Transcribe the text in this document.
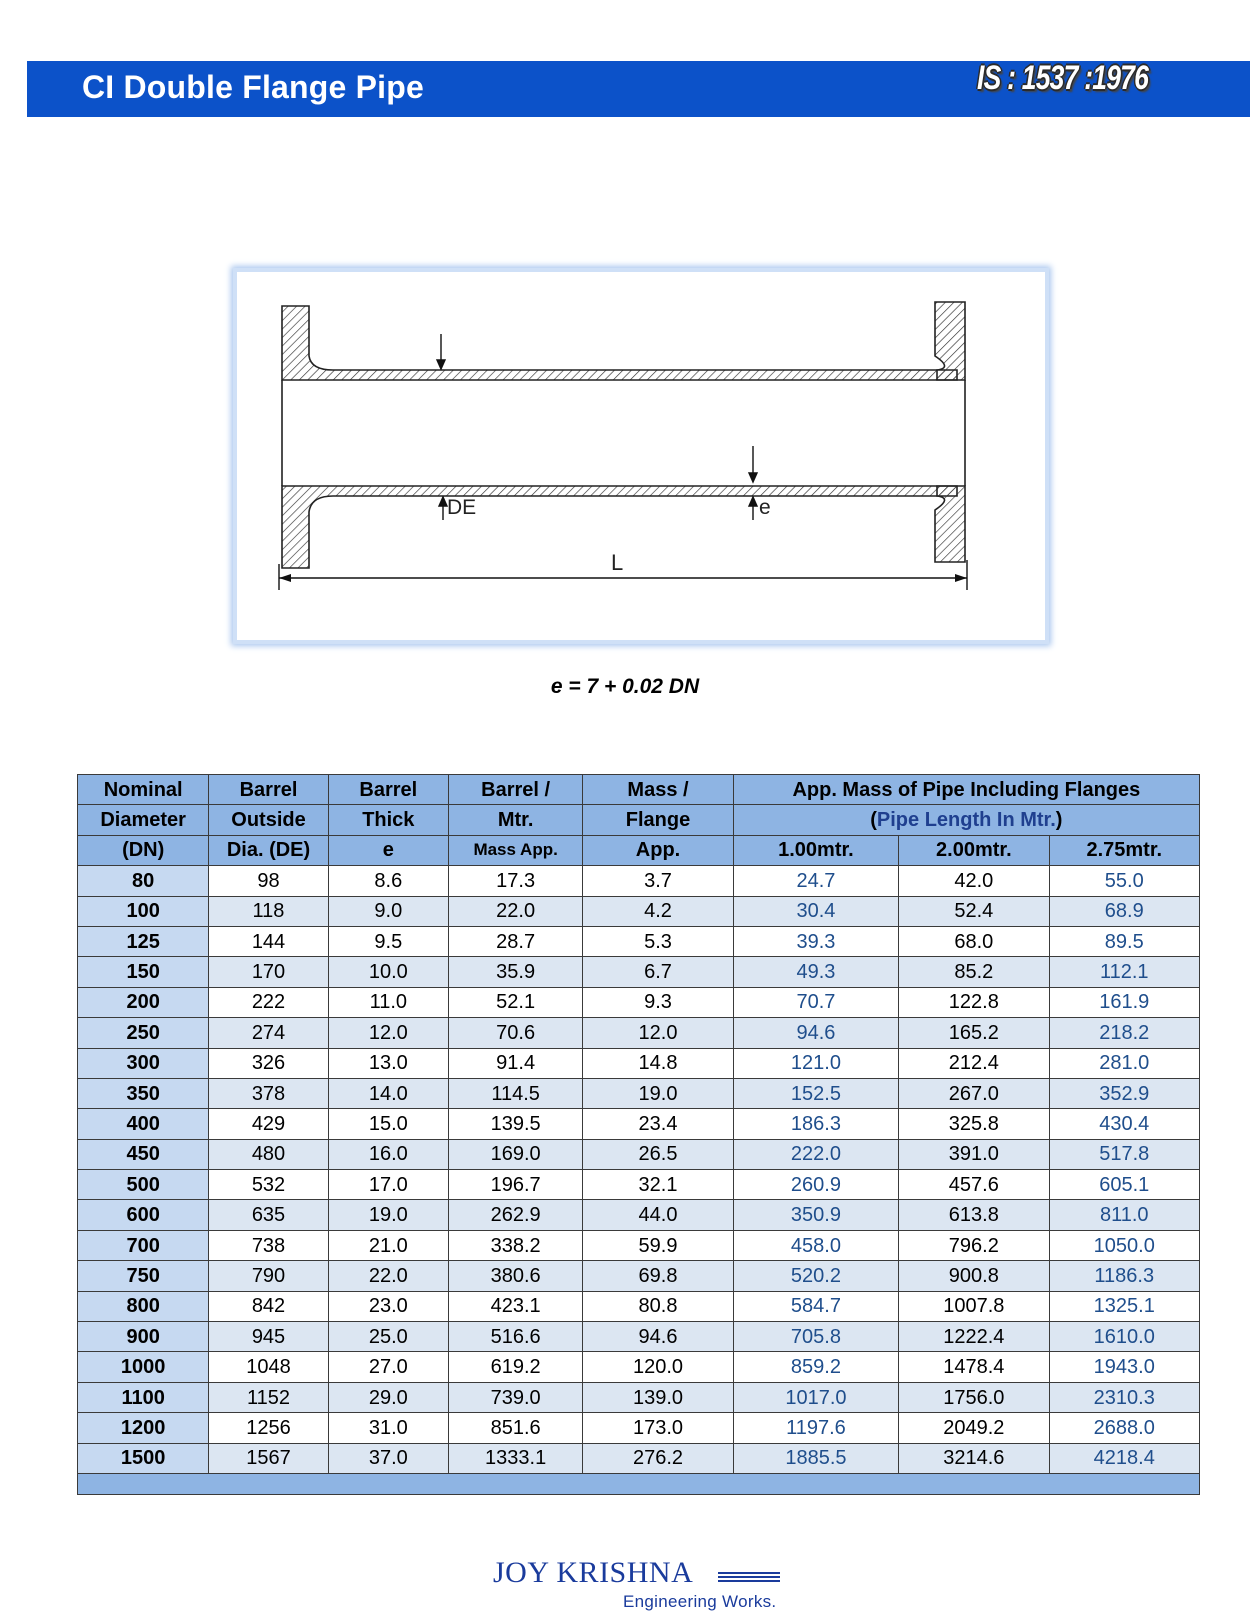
CI Double Flange Pipe	IS : 1537 :1976
DE	e
L
e = 7 + 0.02 DN
Nominal	Barrel	Barrel	Barrel /	Mass /	App. Mass of Pipe Including Flanges		
Diameter	Outside	Thick	Mtr.	Flange	(Pipe Length In Mtr.)		
(DN)	Dia. (DE)	e	Mass App.	App.	1.00mtr.	2.00mtr.	2.75mtr.
80	98	8.6	17.3	3.7	24.7	42.0	55.0
100	118	9.0	22.0	4.2	30.4	52.4	68.9
125	144	9.5	28.7	5.3	39.3	68.0	89.5
150	170	10.0	35.9	6.7	49.3	85.2	112.1
200	222	11.0	52.1	9.3	70.7	122.8	161.9
250	274	12.0	70.6	12.0	94.6	165.2	218.2
300	326	13.0	91.4	14.8	121.0	212.4	281.0
350	378	14.0	114.5	19.0	152.5	267.0	352.9
400	429	15.0	139.5	23.4	186.3	325.8	430.4
450	480	16.0	169.0	26.5	222.0	391.0	517.8
500	532	17.0	196.7	32.1	260.9	457.6	605.1
600	635	19.0	262.9	44.0	350.9	613.8	811.0
700	738	21.0	338.2	59.9	458.0	796.2	1050.0
750	790	22.0	380.6	69.8	520.2	900.8	1186.3
800	842	23.0	423.1	80.8	584.7	1007.8	1325.1
900	945	25.0	516.6	94.6	705.8	1222.4	1610.0
1000	1048	27.0	619.2	120.0	859.2	1478.4	1943.0
1100	1152	29.0	739.0	139.0	1017.0	1756.0	2310.3
1200	1256	31.0	851.6	173.0	1197.6	2049.2	2688.0
1500	1567	37.0	1333.1	276.2	1885.5	3214.6	4218.4

JOY KRISHNA
Engineering Works.
